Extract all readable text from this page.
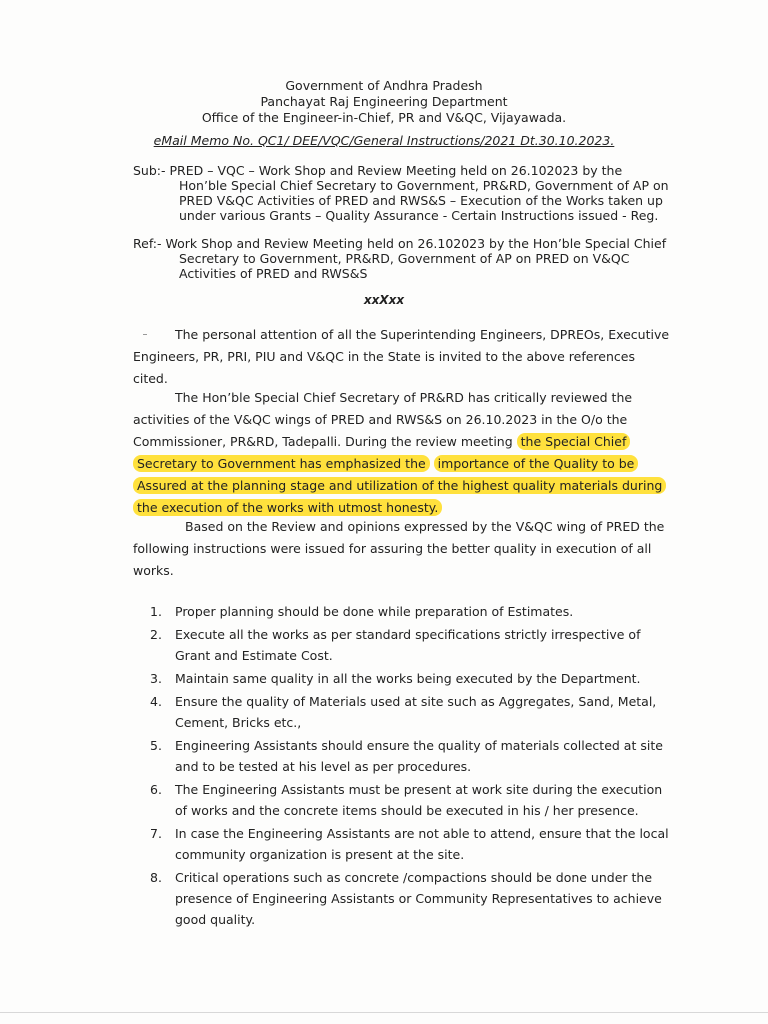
Government of Andhra Pradesh
Panchayat Raj Engineering Department
Office of the Engineer-in-Chief, PR and V&QC, Vijayawada.
eMail Memo No. QC1/ DEE/VQC/General Instructions/2021 Dt.30.10.2023.
Sub:- PRED – VQC – Work Shop and Review Meeting held on 26.102023 by the
Hon’ble Special Chief Secretary to Government, PR&RD, Government of AP on
PRED V&QC Activities of PRED and RWS&S – Execution of the Works taken up
under various Grants – Quality Assurance - Certain Instructions issued - Reg.
Ref:- Work Shop and Review Meeting held on 26.102023 by the Hon’ble Special Chief
Secretary to Government, PR&RD, Government of AP on PRED on V&QC
Activities of PRED and RWS&S
xxXxx
The personal attention of all the Superintending Engineers, DPREOs, Executive
Engineers, PR, PRI, PIU and V&QC in the State is invited to the above references
cited.
The Hon’ble Special Chief Secretary of PR&RD has critically reviewed the
activities of the V&QC wings of PRED and RWS&S on 26.10.2023 in the O/o the
Commissioner, PR&RD, Tadepalli. During the review meeting the Special Chief
Secretary to Government has emphasized the importance of the Quality to be
Assured at the planning stage and utilization of the highest quality materials during
the execution of the works with utmost honesty.
Based on the Review and opinions expressed by the V&QC wing of PRED the
following instructions were issued for assuring the better quality in execution of all
works.
1. Proper planning should be done while preparation of Estimates.
2. Execute all the works as per standard specifications strictly irrespective of
Grant and Estimate Cost.
3. Maintain same quality in all the works being executed by the Department.
4. Ensure the quality of Materials used at site such as Aggregates, Sand, Metal,
Cement, Bricks etc.,
5. Engineering Assistants should ensure the quality of materials collected at site
and to be tested at his level as per procedures.
6. The Engineering Assistants must be present at work site during the execution
of works and the concrete items should be executed in his / her presence.
7. In case the Engineering Assistants are not able to attend, ensure that the local
community organization is present at the site.
8. Critical operations such as concrete /compactions should be done under the
presence of Engineering Assistants or Community Representatives to achieve
good quality.
